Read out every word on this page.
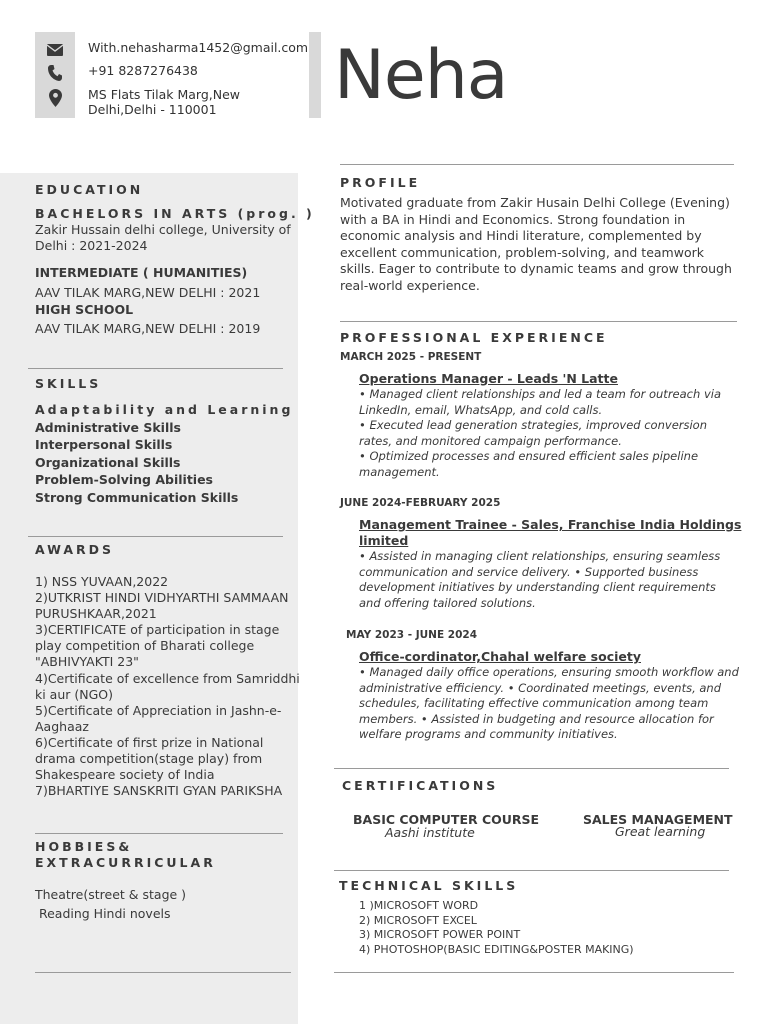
With.nehasharma1452@gmail.com
+91 8287276438
MS Flats Tilak Marg,New
Delhi,Delhi - 110001 Neha
EDUCATION
BACHELORS IN ARTS (prog. )
Zakir Hussain delhi college, University of
Delhi : 2021-2024
INTERMEDIATE ( HUMANITIES)
AAV TILAK MARG,NEW DELHI : 2021
HIGH SCHOOL
AAV TILAK MARG,NEW DELHI : 2019
SKILLS
Adaptability and Learning
Administrative Skills
Interpersonal Skills
Organizational Skills
Problem-Solving Abilities
Strong Communication Skills
AWARDS
1) NSS YUVAAN,2022
2)UTKRIST HINDI VIDHYARTHI SAMMAAN
PURUSHKAAR,2021
3)CERTIFICATE of participation in stage
play competition of Bharati college
"ABHIVYAKTI 23"
4)Certificate of excellence from Samriddhi
ki aur (NGO)
5)Certificate of Appreciation in Jashn-e-
Aaghaaz
6)Certificate of first prize in National
drama competition(stage play) from
Shakespeare society of India
7)BHARTIYE SANSKRITI GYAN PARIKSHA
HOBBIES&
EXTRACURRICULAR
Theatre(street & stage )
Reading Hindi novels
PROFILE
Motivated graduate from Zakir Husain Delhi College (Evening)
with a BA in Hindi and Economics. Strong foundation in
economic analysis and Hindi literature, complemented by
excellent communication, problem-solving, and teamwork
skills. Eager to contribute to dynamic teams and grow through
real-world experience.
PROFESSIONAL EXPERIENCE
MARCH 2025 - PRESENT
Operations Manager - Leads 'N Latte
• Managed client relationships and led a team for outreach via
LinkedIn, email, WhatsApp, and cold calls.
• Executed lead generation strategies, improved conversion
rates, and monitored campaign performance.
• Optimized processes and ensured efficient sales pipeline
management.
JUNE 2024-FEBRUARY 2025
Management Trainee - Sales, Franchise India Holdings
limited
• Assisted in managing client relationships, ensuring seamless
communication and service delivery. • Supported business
development initiatives by understanding client requirements
and offering tailored solutions.
MAY 2023 - JUNE 2024
Office-cordinator,Chahal welfare society
• Managed daily office operations, ensuring smooth workflow and
administrative efficiency. • Coordinated meetings, events, and
schedules, facilitating effective communication among team
members. • Assisted in budgeting and resource allocation for
welfare programs and community initiatives.
CERTIFICATIONS
BASIC COMPUTER COURSE
Aashi institute
SALES MANAGEMENT
Great learning
TECHNICAL SKILLS
1 )MICROSOFT WORD
2) MICROSOFT EXCEL
3) MICROSOFT POWER POINT
4) PHOTOSHOP(BASIC EDITING&POSTER MAKING)
